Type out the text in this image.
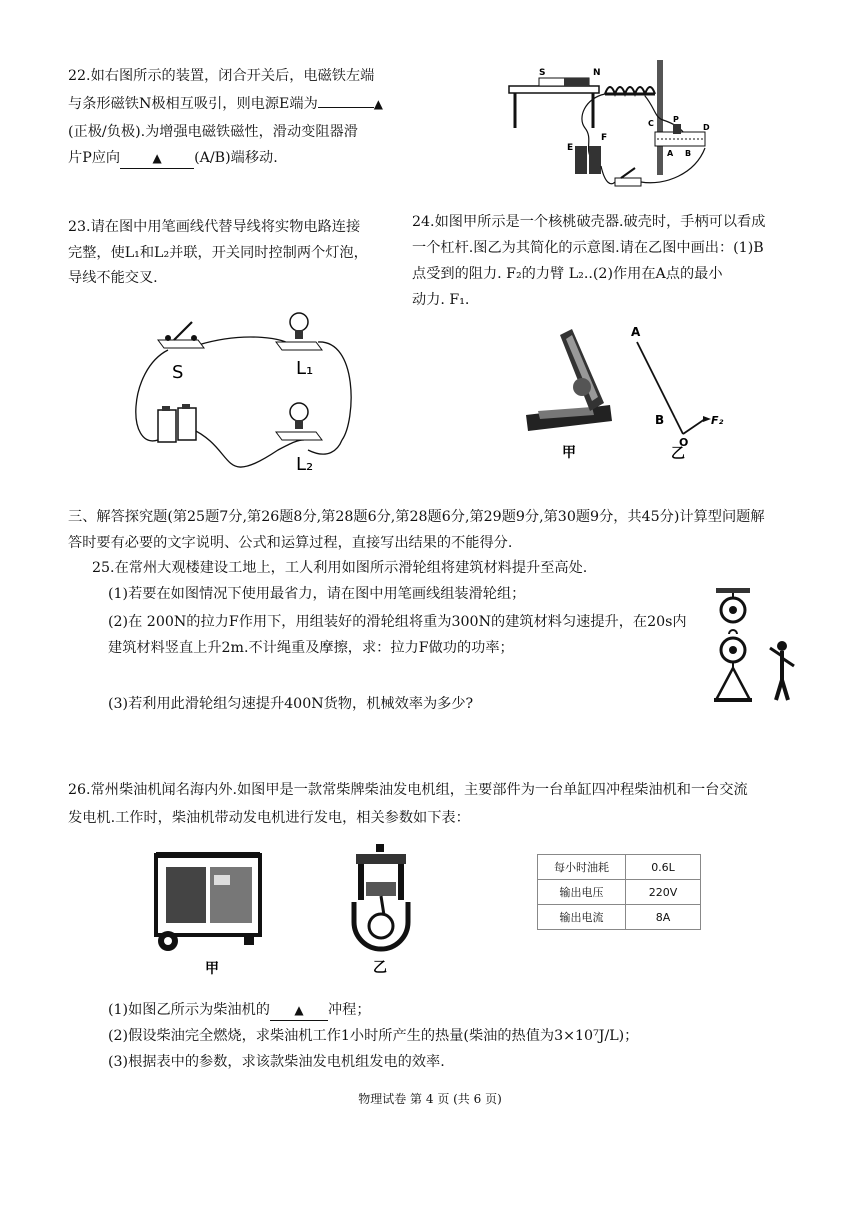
22.如右图所示的装置，闭合开关后，电磁铁左端
与条形磁铁N极相互吸引，则电源E端为	▲
(正极/负极).为增强电磁铁磁性，滑动变阻器滑
片P应向	▲ (A/B)端移动.
S	N
E
F
C P
D
A B
23.请在图中用笔画线代替导线将实物电路连接
完整，使L₁和L₂并联，开关同时控制两个灯泡，
导线不能交叉.
S	L₁
L₂
24.如图甲所示是一个核桃破壳器.破壳时，手柄可以看成
一个杠杆.图乙为其简化的示意图.请在乙图中画出：(1)B
点受到的阻力. F₂的力臂 L₂..(2)作用在A点的最小
动力. F₁.
甲
A
B
O
F₂
乙
三、解答探究题(第25题7分,第26题8分,第28题6分,第28题6分,第29题9分,第30题9分，共45分)计算型问题解
答时要有必要的文字说明、公式和运算过程，直接写出结果的不能得分.
25.在常州大观楼建设工地上，工人利用如图所示滑轮组将建筑材料提升至高处.
(1)若要在如图情况下使用最省力，请在图中用笔画线组装滑轮组；
(2)在 200N的拉力F作用下，用组装好的滑轮组将重为300N的建筑材料匀速提升，在20s内
建筑材料竖直上升2m.不计绳重及摩擦，求：拉力F做功的功率；
(3)若利用此滑轮组匀速提升400N货物，机械效率为多少?
26.常州柴油机闻名海内外.如图甲是一款常柴牌柴油发电机组，主要部件为一台单缸四冲程柴油机和一台交流
发电机.工作时，柴油机带动发电机进行发电，相关参数如下表：
甲	乙
每小时油耗	0.6L
输出电压	220V
输出电流	8A
(1)如图乙所示为柴油机的 ▲ 冲程；
(2)假设柴油完全燃烧，求柴油机工作1小时所产生的热量(柴油的热值为3×10⁷J/L)；
(3)根据表中的参数，求该款柴油发电机组发电的效率.
物理试卷 第 4 页 (共 6 页)
